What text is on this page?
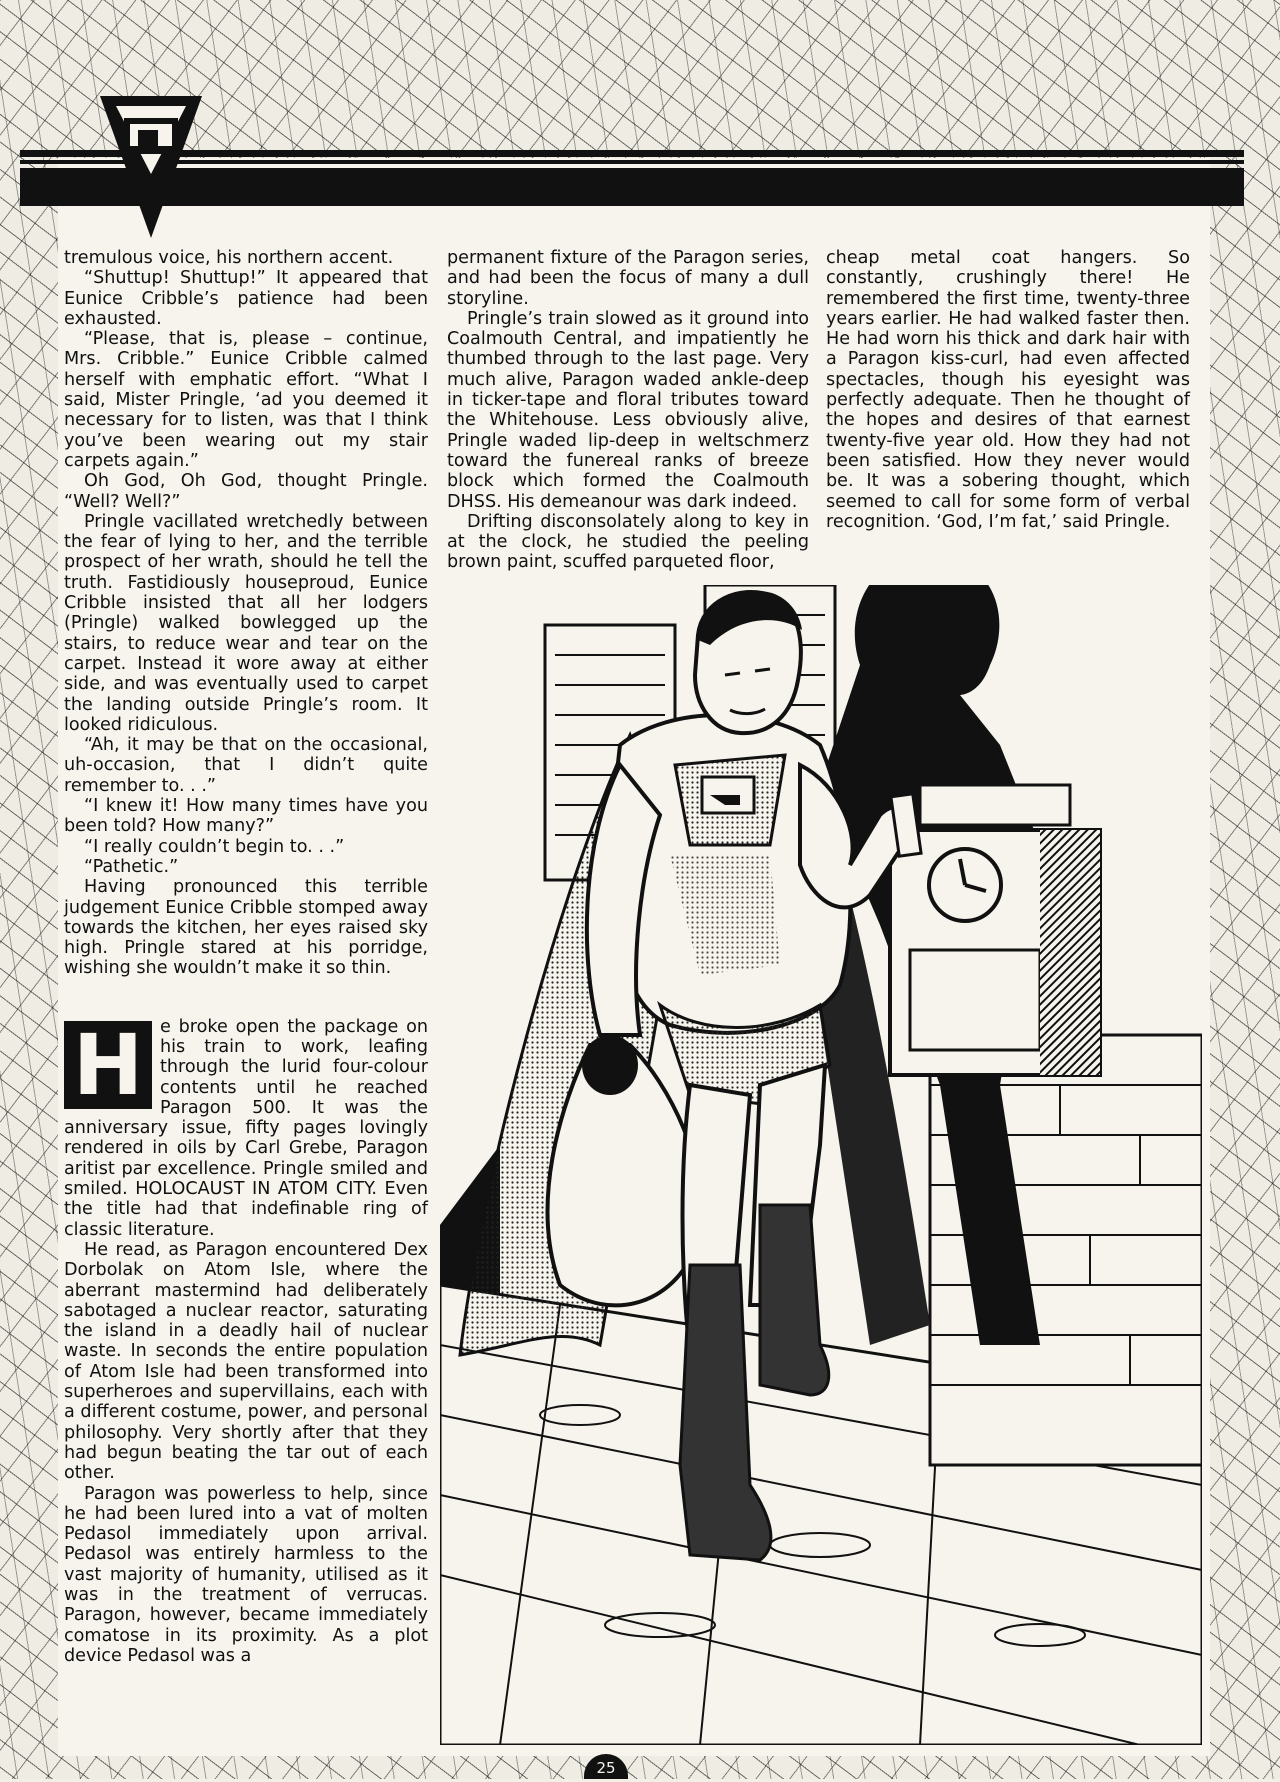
tremulous voice, his northern accent.

“Shuttup! Shuttup!” It appeared that Eunice Cribble’s patience had been exhausted.

“Please, that is, please – continue, Mrs. Cribble.” Eunice Cribble calmed herself with emphatic effort. “What I said, Mister Pringle, ‘ad you deemed it necessary for to listen, was that I think you’ve been wearing out my stair carpets again.”

Oh God, Oh God, thought Pringle. “Well? Well?”

Pringle vacillated wretchedly between the fear of lying to her, and the terrible prospect of her wrath, should he tell the truth. Fastidiously houseproud, Eunice Cribble insisted that all her lodgers (Pringle) walked bowlegged up the stairs, to reduce wear and tear on the carpet. Instead it wore away at either side, and was eventually used to carpet the landing outside Pringle’s room. It looked ridiculous.

“Ah, it may be that on the occasional, uh-occasion, that I didn’t quite remember to. . .”

“I knew it! How many times have you been told? How many?”

“I really couldn’t begin to. . .”

“Pathetic.”

Having pronounced this terrible judgement Eunice Cribble stomped away towards the kitchen, her eyes raised sky high. Pringle stared at his porridge, wishing she wouldn’t make it so thin.

H e broke open the package on his train to work, leafing through the lurid four-colour contents until he reached Paragon 500. It was the anniversary issue, fifty pages lovingly rendered in oils by Carl Grebe, Paragon aritist par excellence. Pringle smiled and smiled. HOLOCAUST IN ATOM CITY. Even the title had that indefinable ring of classic literature.

He read, as Paragon encountered Dex Dorbolak on Atom Isle, where the aberrant mastermind had deliberately sabotaged a nuclear reactor, saturating the island in a deadly hail of nuclear waste. In seconds the entire population of Atom Isle had been transformed into superheroes and supervillains, each with a different costume, power, and personal philosophy. Very shortly after that they had begun beating the tar out of each other.

Paragon was powerless to help, since he had been lured into a vat of molten Pedasol immediately upon arrival. Pedasol was entirely harmless to the vast majority of humanity, utilised as it was in the treatment of verrucas. Paragon, however, became immediately comatose in its proximity. As a plot device Pedasol was a

permanent fixture of the Paragon series, and had been the focus of many a dull storyline.

Pringle’s train slowed as it ground into Coalmouth Central, and impatiently he thumbed through to the last page. Very much alive, Paragon waded ankle-deep in ticker-tape and floral tributes toward the Whitehouse. Less obviously alive, Pringle waded lip-deep in weltschmerz toward the funereal ranks of breeze block which formed the Coalmouth DHSS. His demeanour was dark indeed.

Drifting disconsolately along to key in at the clock, he studied the peeling brown paint, scuffed parqueted floor,

cheap metal coat hangers. So constantly, crushingly there! He remembered the first time, twenty-three years earlier. He had walked faster then. He had worn his thick and dark hair with a Paragon kiss-curl, had even affected spectacles, though his eyesight was perfectly adequate. Then he thought of the hopes and desires of that earnest twenty-five year old. How they had not been satisfied. How they never would be. It was a sobering thought, which seemed to call for some form of verbal recognition. ‘God, I’m fat,’ said Pringle.

25
